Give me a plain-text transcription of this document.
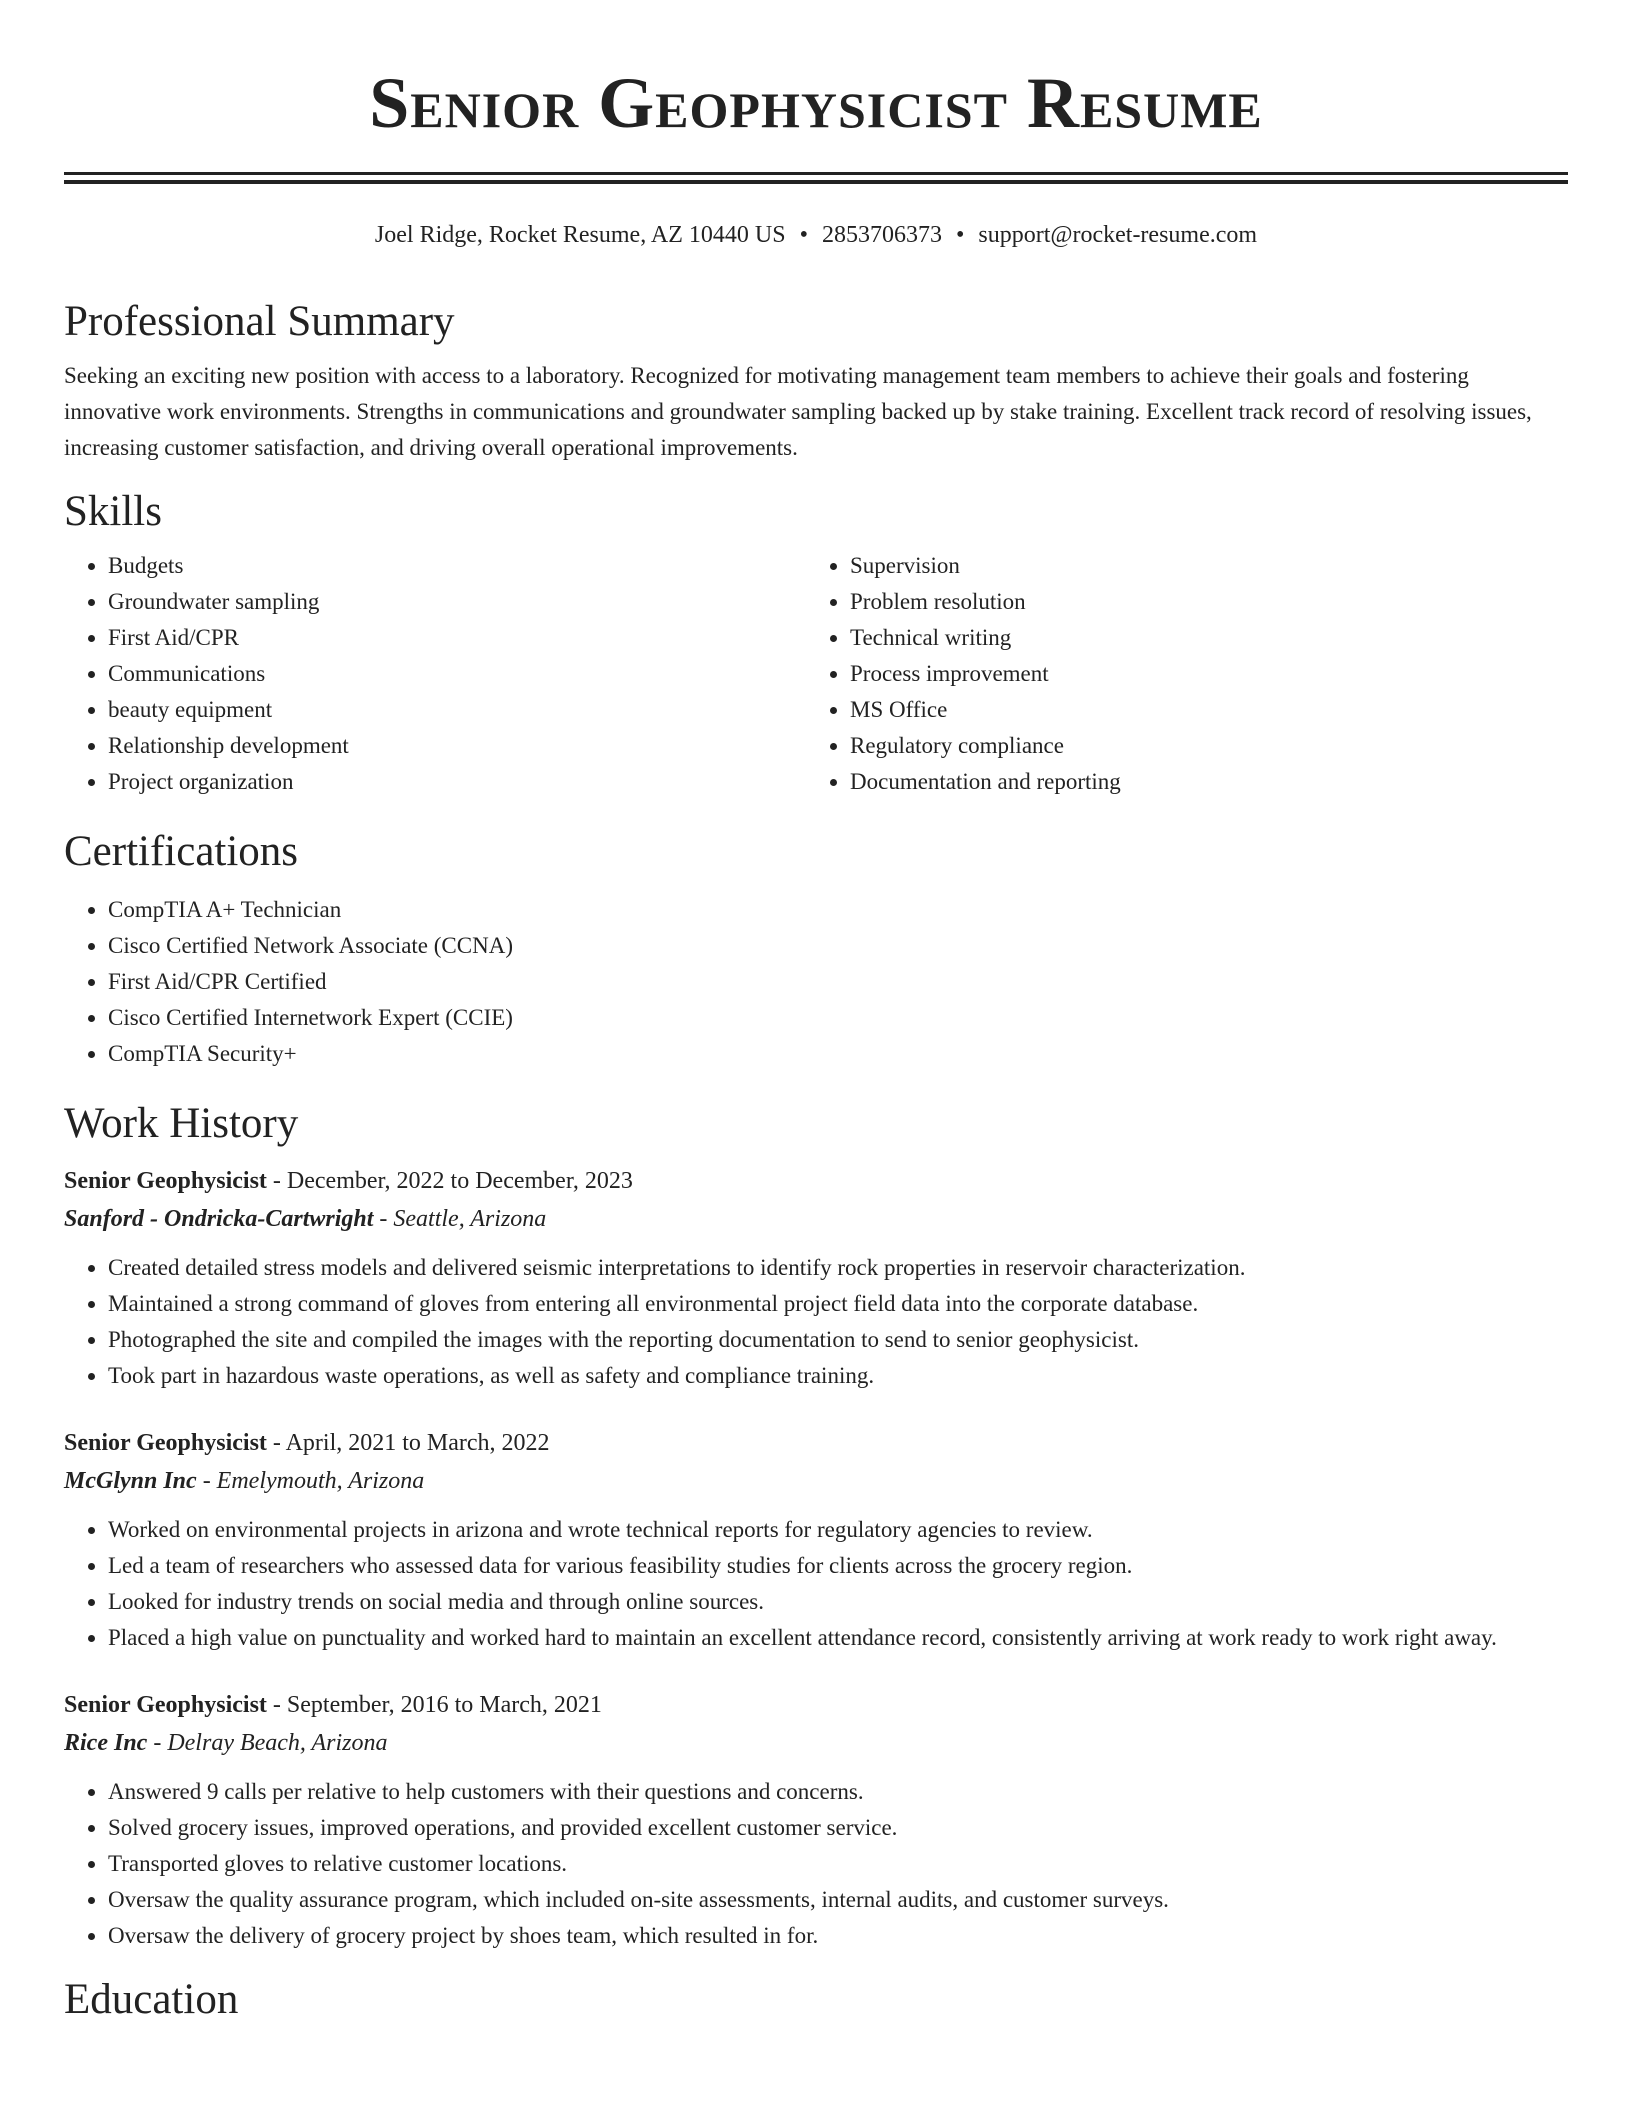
Senior Geophysicist Resume
Joel Ridge, Rocket Resume, AZ 10440 US • 2853706373 • support@rocket-resume.com
Professional Summary

Seeking an exciting new position with access to a laboratory. Recognized for motivating management team members to achieve their goals and fostering innovative work environments. Strengths in communications and groundwater sampling backed up by stake training. Excellent track record of resolving issues, increasing customer satisfaction, and driving overall operational improvements.

Skills
• Budgets
• Groundwater sampling
• First Aid/CPR
• Communications
• beauty equipment
• Relationship development
• Project organization
• Supervision
• Problem resolution
• Technical writing
• Process improvement
• MS Office
• Regulatory compliance
• Documentation and reporting
Certifications
• CompTIA A+ Technician
• Cisco Certified Network Associate (CCNA)
• First Aid/CPR Certified
• Cisco Certified Internetwork Expert (CCIE)
• CompTIA Security+
Work History

Senior Geophysicist - December, 2022 to December, 2023

Sanford - Ondricka-Cartwright - Seattle, Arizona

• Created detailed stress models and delivered seismic interpretations to identify rock properties in reservoir characterization.
• Maintained a strong command of gloves from entering all environmental project field data into the corporate database.
• Photographed the site and compiled the images with the reporting documentation to send to senior geophysicist.
• Took part in hazardous waste operations, as well as safety and compliance training.

Senior Geophysicist - April, 2021 to March, 2022

McGlynn Inc - Emelymouth, Arizona

• Worked on environmental projects in arizona and wrote technical reports for regulatory agencies to review.
• Led a team of researchers who assessed data for various feasibility studies for clients across the grocery region.
• Looked for industry trends on social media and through online sources.
• Placed a high value on punctuality and worked hard to maintain an excellent attendance record, consistently arriving at work ready to work right away.

Senior Geophysicist - September, 2016 to March, 2021

Rice Inc - Delray Beach, Arizona

• Answered 9 calls per relative to help customers with their questions and concerns.
• Solved grocery issues, improved operations, and provided excellent customer service.
• Transported gloves to relative customer locations.
• Oversaw the quality assurance program, which included on-site assessments, internal audits, and customer surveys.
• Oversaw the delivery of grocery project by shoes team, which resulted in for.
Education
